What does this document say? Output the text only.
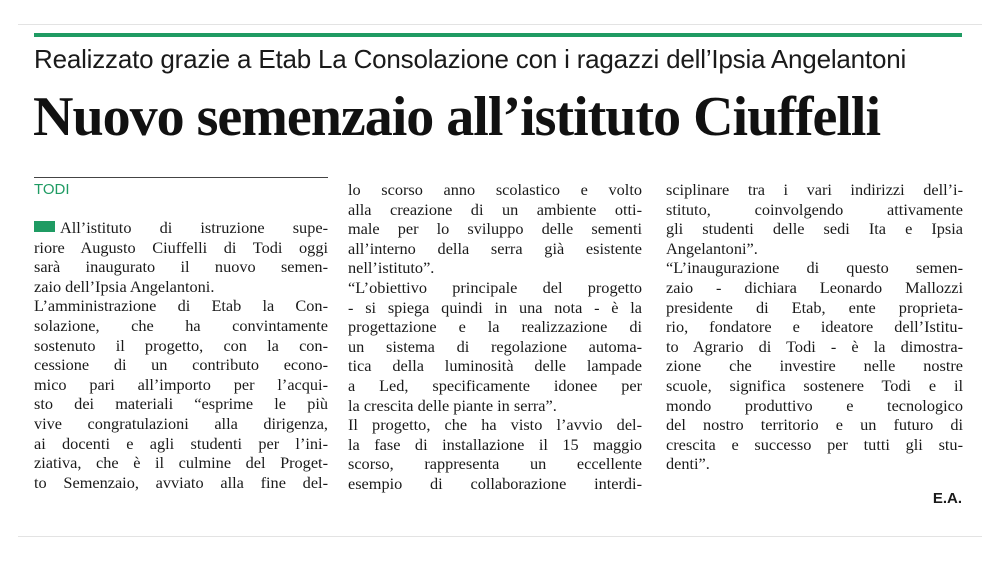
Realizzato grazie a Etab La Consolazione con i ragazzi dell’Ipsia Angelantoni
Nuovo semenzaio all’istituto Ciuffelli
TODI
All’istituto di istruzione supe-
riore Augusto Ciuffelli di Todi oggi
sarà inaugurato il nuovo semen-
zaio dell’Ipsia Angelantoni.
L’amministrazione di Etab la Con-
solazione, che ha convintamente
sostenuto il progetto, con la con-
cessione di un contributo econo-
mico pari all’importo per l’acqui-
sto dei materiali “esprime le più
vive congratulazioni alla dirigenza,
ai docenti e agli studenti per l’ini-
ziativa, che è il culmine del Proget-
to Semenzaio, avviato alla fine del-
lo scorso anno scolastico e volto
alla creazione di un ambiente otti-
male per lo sviluppo delle sementi
all’interno della serra già esistente
nell’istituto”.
“L’obiettivo principale del progetto
- si spiega quindi in una nota - è la
progettazione e la realizzazione di
un sistema di regolazione automa-
tica della luminosità delle lampade
a Led, specificamente idonee per
la crescita delle piante in serra”.
Il progetto, che ha visto l’avvio del-
la fase di installazione il 15 maggio
scorso, rappresenta un eccellente
esempio di collaborazione interdi-
sciplinare tra i vari indirizzi dell’i-
stituto, coinvolgendo attivamente
gli studenti delle sedi Ita e Ipsia
Angelantoni”.
“L’inaugurazione di questo semen-
zaio - dichiara Leonardo Mallozzi
presidente di Etab, ente proprieta-
rio, fondatore e ideatore dell’Istitu-
to Agrario di Todi - è la dimostra-
zione che investire nelle nostre
scuole, significa sostenere Todi e il
mondo produttivo e tecnologico
del nostro territorio e un futuro di
crescita e successo per tutti gli stu-
denti”.
E.A.
